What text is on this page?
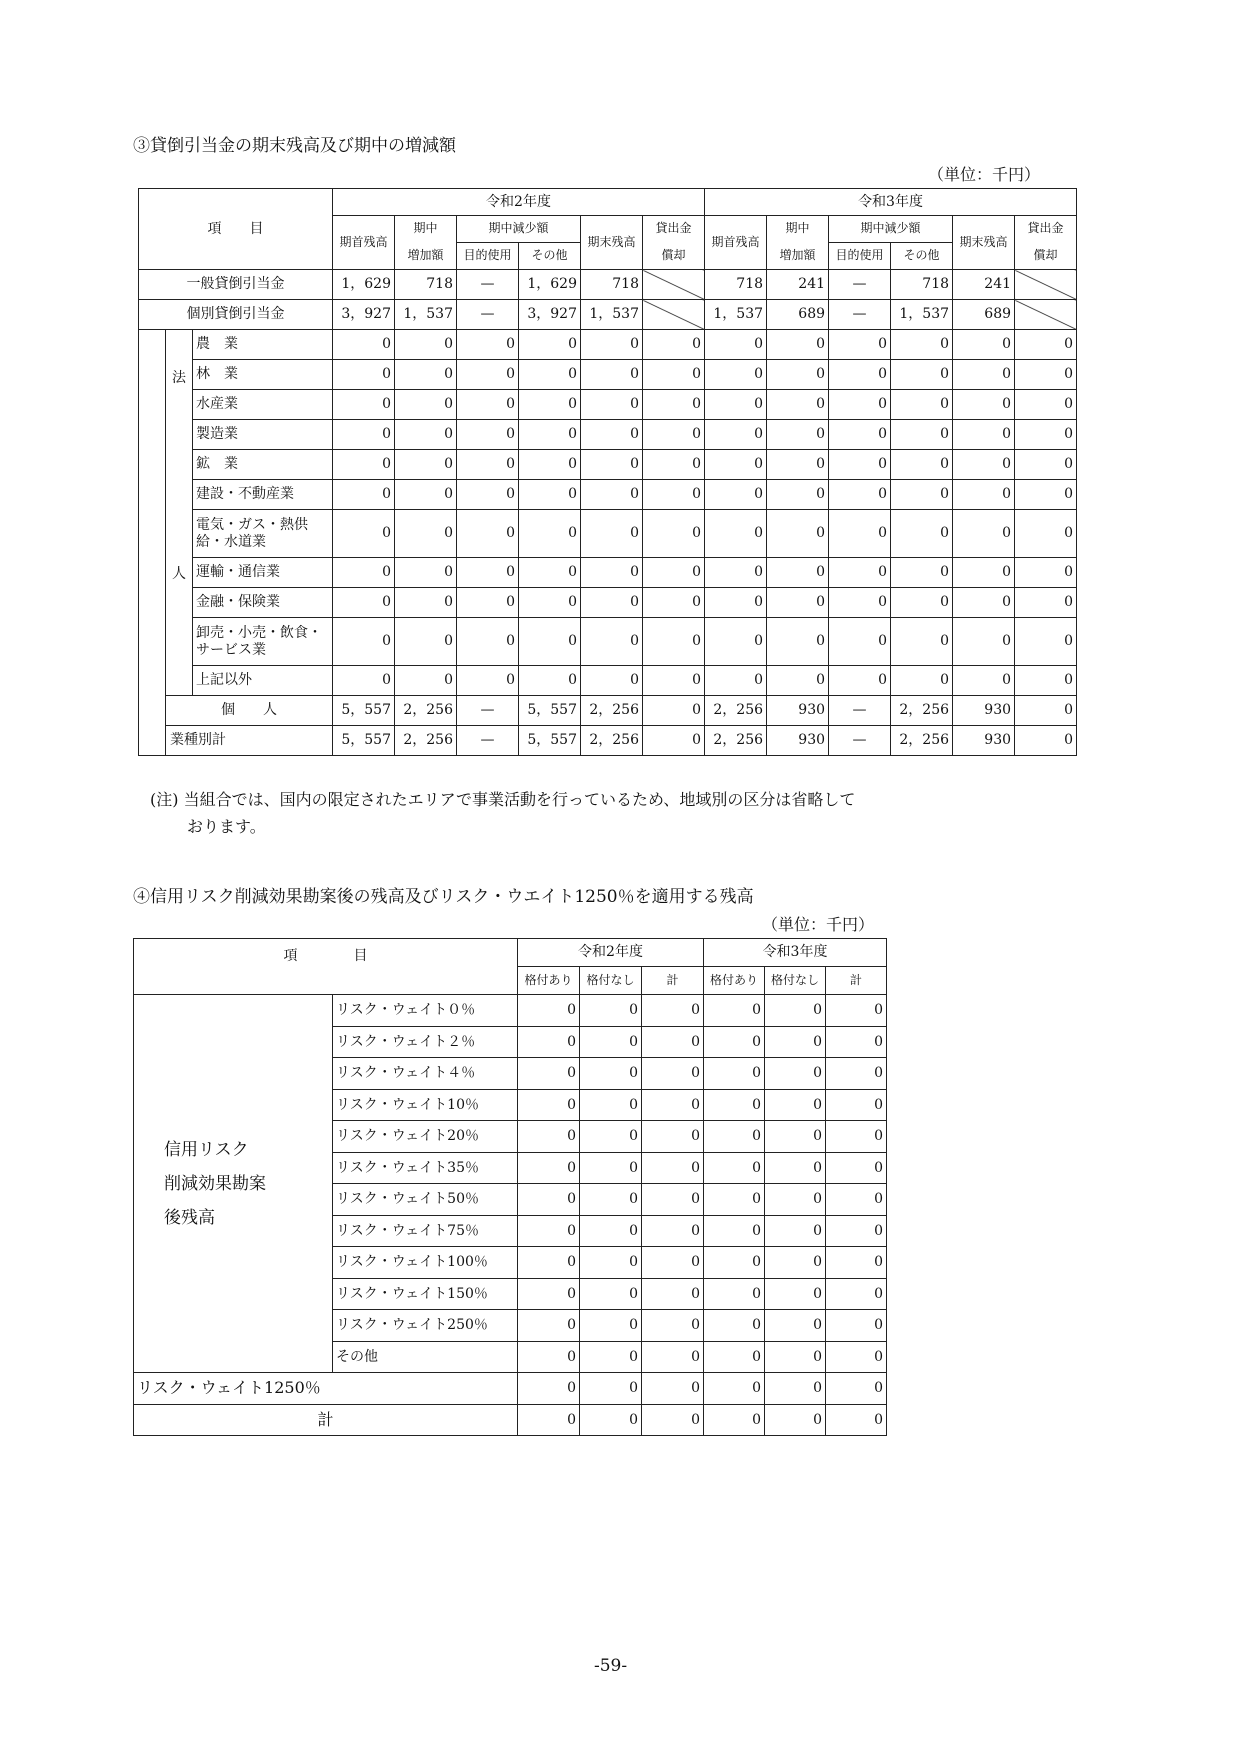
③貸倒引当金の期末残高及び期中の増減額
（単位：千円）
項　　目			令和2年度						令和3年度					
			期首残高	期中	期中減少額		期末残高	貸出金	期首残高	期中	期中減少額		期末残高	貸出金
				増加額	目的使用	その他		償却		増加額	目的使用	その他		償却
一般貸倒引当金			1，629	718	—	1，629	718		718	241	—	718	241	
個別貸倒引当金			3，927	1，537	—	3，927	1，537		1，537	689	—	1，537	689	

	法
人	農　業	0	0	0	0	0	0	0	0	0	0	0	0
		林　業	0	0	0	0	0	0	0	0	0	0	0	0
		水産業	0	0	0	0	0	0	0	0	0	0	0	0
		製造業	0	0	0	0	0	0	0	0	0	0	0	0
		鉱　業	0	0	0	0	0	0	0	0	0	0	0	0
		建設・不動産業	0	0	0	0	0	0	0	0	0	0	0	0
		電気・ガス・熱供給・水道業	0	0	0	0	0	0	0	0	0	0	0	0
		運輸・通信業	0	0	0	0	0	0	0	0	0	0	0	0
		金融・保険業	0	0	0	0	0	0	0	0	0	0	0	0
		卸売・小売・飲食・サービス業	0	0	0	0	0	0	0	0	0	0	0	0
		上記以外	0	0	0	0	0	0	0	0	0	0	0	0
	個　　人		5，557	2，256	—	5，557	2，256	0	2，256	930	—	2，256	930	0
	業種別計		5，557	2，256	—	5，557	2，256	0	2，256	930	—	2，256	930	0
(注) 当組合では、国内の限定されたエリアで事業活動を行っているため、地域別の区分は省略して
おります。
④信用リスク削減効果勘案後の残高及びリスク・ウエイト1250％を適用する残高
（単位：千円）
項　　　　目		令和2年度			令和3年度		
		格付あり	格付なし	計	格付あり	格付なし	計

信用リスク
削減効果勘案
後残高	リスク・ウェイト０％	0	0	0	0	0	0
	リスク・ウェイト２％	0	0	0	0	0	0
	リスク・ウェイト４％	0	0	0	0	0	0
	リスク・ウェイト10％	0	0	0	0	0	0
	リスク・ウェイト20％	0	0	0	0	0	0
	リスク・ウェイト35％	0	0	0	0	0	0
	リスク・ウェイト50％	0	0	0	0	0	0
	リスク・ウェイト75％	0	0	0	0	0	0
	リスク・ウェイト100％	0	0	0	0	0	0
	リスク・ウェイト150％	0	0	0	0	0	0
	リスク・ウェイト250％	0	0	0	0	0	0
	その他	0	0	0	0	0	0
リスク・ウェイト1250％		0	0	0	0	0	0
計		0	0	0	0	0	0
-59-
